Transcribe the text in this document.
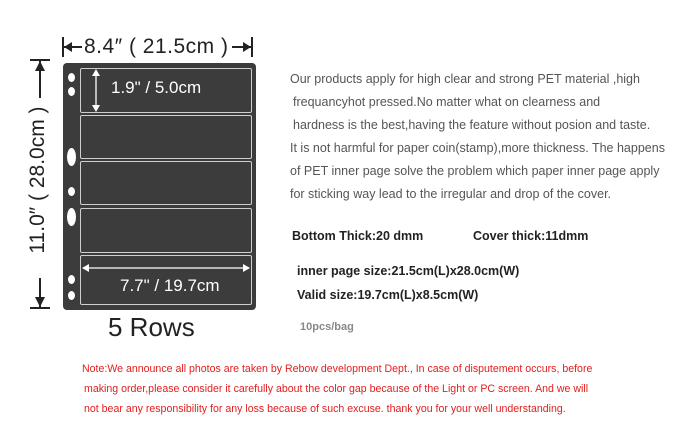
8.4″ ( 21.5cm )
11.0″ ( 28.0cm )
1.9" / 5.0cm
7.7" / 19.7cm
5 Rows
Our products apply for high clear and strong PET material ,high
frequancyhot pressed.No matter what on clearness and
hardness is the best,having the feature without posion and taste.
It is not harmful for paper coin(stamp),more thickness. The happens
of PET inner page solve the problem which paper inner page apply
for sticking way lead to the irregular and drop of the cover.
Bottom Thick:20 dmm	Cover thick:11dmm
inner page size:21.5cm(L)x28.0cm(W)
Valid size:19.7cm(L)x8.5cm(W)
10pcs/bag
Note:We announce all photos are taken by Rebow development Dept., In case of disputement occurs, before
making order,please consider it carefully about the color gap because of the Light or PC screen. And we will
not bear any responsibility for any loss because of such excuse. thank you for your well understanding.
